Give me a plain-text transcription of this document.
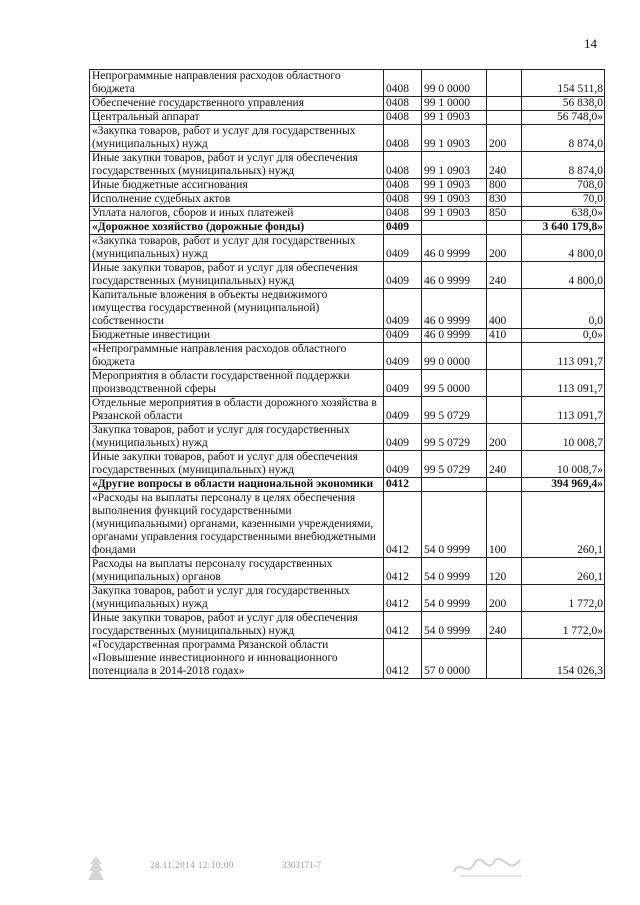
14
Непрограммные направления расходов областного бюджета	0408	99 0 0000		154 511,8
Обеспечение государственного управления	0408	99 1 0000		56 838,0
Центральный аппарат	0408	99 1 0903		56 748,0»
«Закупка товаров, работ и услуг для государственных (муниципальных) нужд	0408	99 1 0903	200	8 874,0
Иные закупки товаров, работ и услуг для обеспечения государственных (муниципальных) нужд	0408	99 1 0903	240	8 874,0
Иные бюджетные ассигнования	0408	99 1 0903	800	708,0
Исполнение судебных актов	0408	99 1 0903	830	70,0
Уплата налогов, сборов и иных платежей	0408	99 1 0903	850	638,0»
«Дорожное хозяйство (дорожные фонды)	0409			3 640 179,8»
«Закупка товаров, работ и услуг для государственных (муниципальных) нужд	0409	46 0 9999	200	4 800,0
Иные закупки товаров, работ и услуг для обеспечения государственных (муниципальных) нужд	0409	46 0 9999	240	4 800,0
Капитальные вложения в объекты недвижимого имущества государственной (муниципальной) собственности	0409	46 0 9999	400	0,0
Бюджетные инвестиции	0409	46 0 9999	410	0,0»
«Непрограммные направления расходов областного бюджета	0409	99 0 0000		113 091,7
Мероприятия в области государственной поддержки производственной сферы	0409	99 5 0000		113 091,7
Отдельные мероприятия в области дорожного хозяйства в Рязанской области	0409	99 5 0729		113 091,7
Закупка товаров, работ и услуг для государственных (муниципальных) нужд	0409	99 5 0729	200	10 008,7
Иные закупки товаров, работ и услуг для обеспечения государственных (муниципальных) нужд	0409	99 5 0729	240	10 008,7»
«Другие вопросы в области национальной экономики	0412			394 969,4»
«Расходы на выплаты персоналу в целях обеспечения выполнения функций государственными (муниципальными) органами, казенными учреждениями, органами управления государственными внебюджетными фондами	0412	54 0 9999	100	260,1
Расходы на выплаты персоналу государственных (муниципальных) органов	0412	54 0 9999	120	260,1
Закупка товаров, работ и услуг для государственных (муниципальных) нужд	0412	54 0 9999	200	1 772,0
Иные закупки товаров, работ и услуг для обеспечения государственных (муниципальных) нужд	0412	54 0 9999	240	1 772,0»
«Государственная программа Рязанской области «Повышение инвестиционного и инновационного потенциала в 2014-2018 годах»	0412	57 0 0000		154 026,3
28.11.2014 12:10:00	3303171-7
